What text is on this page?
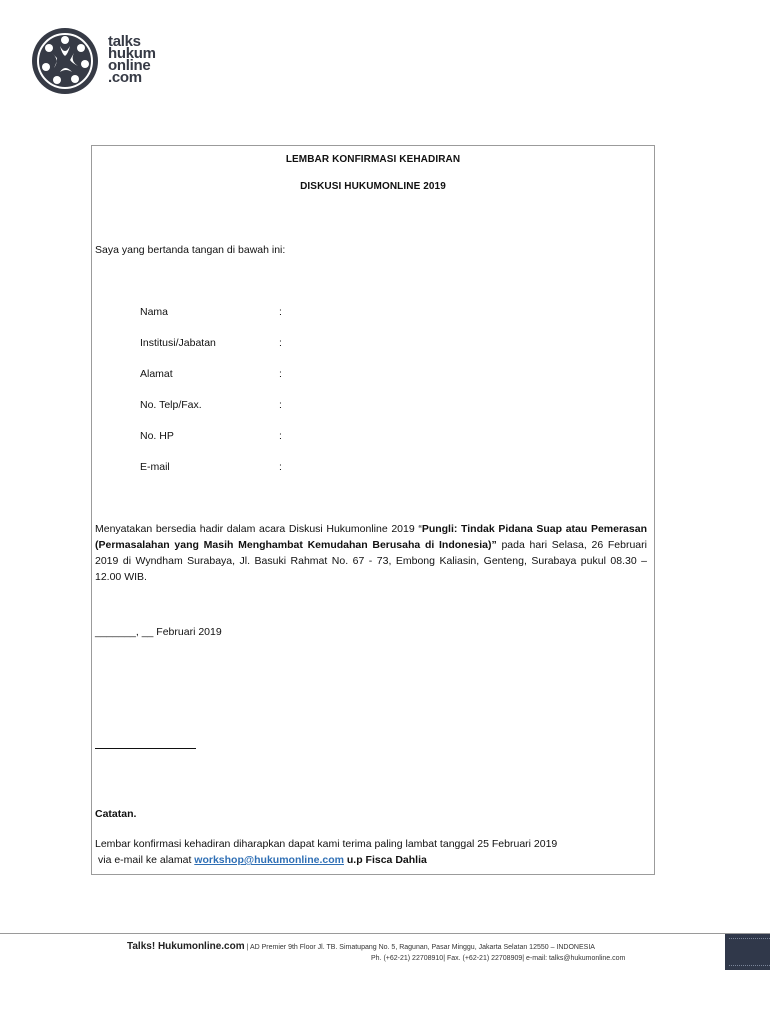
talks
hukum
online
.com
LEMBAR KONFIRMASI KEHADIRAN
DISKUSI HUKUMONLINE 2019
Saya yang bertanda tangan di bawah ini:
Nama	:
Institusi/Jabatan	:
Alamat	:
No. Telp/Fax.	:
No. HP	:
E-mail	:
Menyatakan bersedia hadir dalam acara Diskusi Hukumonline 2019 “Pungli: Tindak Pidana Suap atau Pemerasan (Permasalahan yang Masih Menghambat Kemudahan Berusaha di Indonesia)” pada hari Selasa, 26 Februari 2019 di Wyndham Surabaya, Jl. Basuki Rahmat No. 67 - 73, Embong Kaliasin, Genteng, Surabaya pukul 08.30 – 12.00 WIB.
_______, __ Februari 2019
Catatan.
Lembar konfirmasi kehadiran diharapkan dapat kami terima paling lambat tanggal 25 Februari 2019
via e-mail ke alamat workshop@hukumonline.com u.p Fisca Dahlia
Talks! Hukumonline.com | AD Premier 9th Floor Jl. TB. Simatupang No. 5, Ragunan, Pasar Minggu, Jakarta Selatan 12550 – INDONESIA
Ph. (+62-21) 22708910| Fax. (+62-21) 22708909| e-mail: talks@hukumonline.com
